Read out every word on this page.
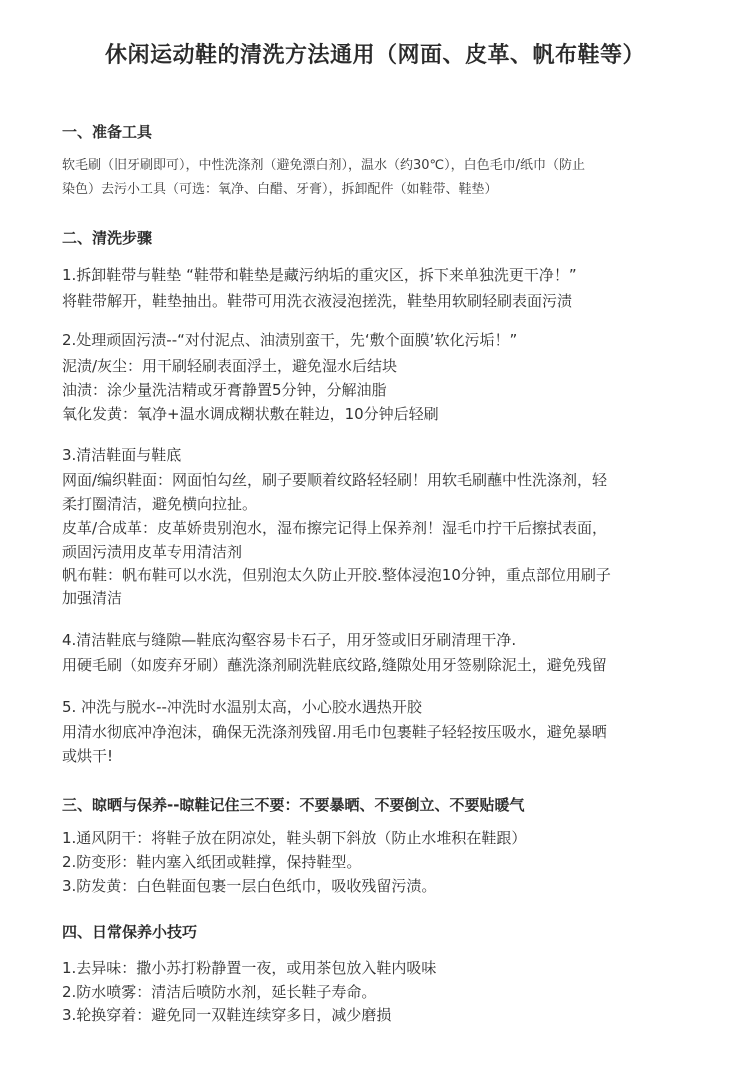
休闲运动鞋的清洗方法通用（网面、皮革、帆布鞋等）
一、准备工具
软毛刷（旧牙刷即可），中性洗涤剂（避免漂白剂），温水（约30℃），白色毛巾/纸巾（防止
染色）去污小工具（可选：氧净、白醋、牙膏），拆卸配件（如鞋带、鞋垫）
二、清洗步骤
1.拆卸鞋带与鞋垫 “鞋带和鞋垫是藏污纳垢的重灾区，拆下来单独洗更干净！”
将鞋带解开，鞋垫抽出。鞋带可用洗衣液浸泡搓洗，鞋垫用软刷轻刷表面污渍
2.处理顽固污渍--“对付泥点、油渍别蛮干，先‘敷个面膜’软化污垢！”
泥渍/灰尘：用干刷轻刷表面浮土，避免湿水后结块
油渍：涂少量洗洁精或牙膏静置5分钟，分解油脂
氧化发黄：氧净+温水调成糊状敷在鞋边，10分钟后轻刷
3.清洁鞋面与鞋底
网面/编织鞋面：网面怕勾丝，刷子要顺着纹路轻轻刷！用软毛刷蘸中性洗涤剂，轻
柔打圈清洁，避免横向拉扯。
皮革/合成革：皮革娇贵别泡水，湿布擦完记得上保养剂！湿毛巾拧干后擦拭表面，
顽固污渍用皮革专用清洁剂
帆布鞋：帆布鞋可以水洗，但别泡太久防止开胶.整体浸泡10分钟，重点部位用刷子
加强清洁
4.清洁鞋底与缝隙—鞋底沟壑容易卡石子，用牙签或旧牙刷清理干净.
用硬毛刷（如废弃牙刷）蘸洗涤剂刷洗鞋底纹路,缝隙处用牙签剔除泥土，避免残留
5. 冲洗与脱水--冲洗时水温别太高，小心胶水遇热开胶
用清水彻底冲净泡沫，确保无洗涤剂残留.用毛巾包裹鞋子轻轻按压吸水，避免暴晒
或烘干!
三、晾晒与保养--晾鞋记住三不要：不要暴晒、不要倒立、不要贴暖气
1.通风阴干：将鞋子放在阴凉处，鞋头朝下斜放（防止水堆积在鞋跟）
2.防变形：鞋内塞入纸团或鞋撑，保持鞋型。
3.防发黄：白色鞋面包裹一层白色纸巾，吸收残留污渍。
四、日常保养小技巧
1.去异味：撒小苏打粉静置一夜，或用茶包放入鞋内吸味
2.防水喷雾：清洁后喷防水剂，延长鞋子寿命。
3.轮换穿着：避免同一双鞋连续穿多日，减少磨损
